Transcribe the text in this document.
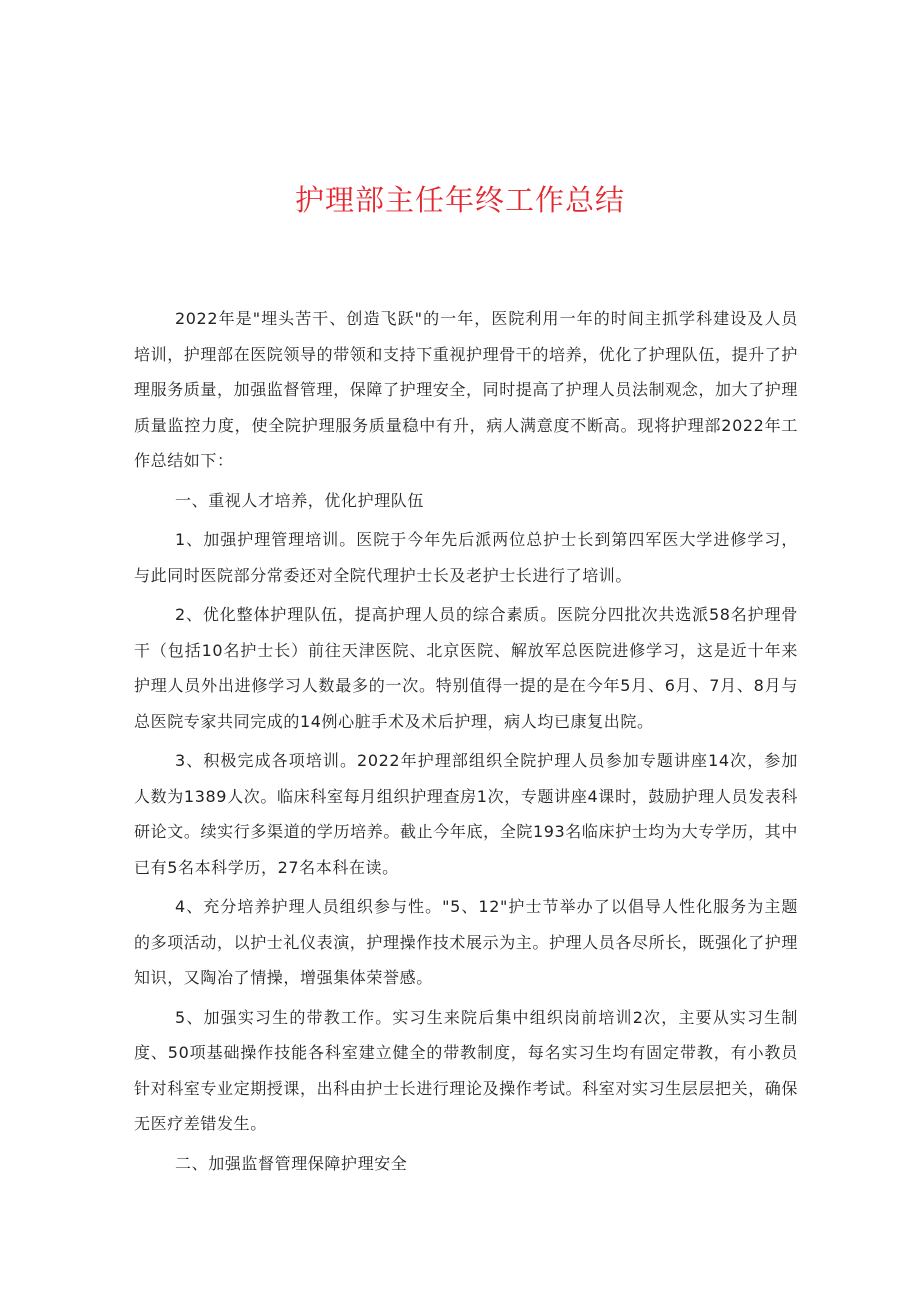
护理部主任年终工作总结

2022年是"埋头苦干、创造飞跃"的一年，医院利用一年的时间主抓学科建设及人员培训，护理部在医院领导的带领和支持下重视护理骨干的培养，优化了护理队伍，提升了护理服务质量，加强监督管理，保障了护理安全，同时提高了护理人员法制观念，加大了护理质量监控力度，使全院护理服务质量稳中有升，病人满意度不断高。现将护理部2022年工作总结如下：

一、重视人才培养，优化护理队伍

1、加强护理管理培训。医院于今年先后派两位总护士长到第四军医大学进修学习，与此同时医院部分常委还对全院代理护士长及老护士长进行了培训。

2、优化整体护理队伍，提高护理人员的综合素质。医院分四批次共选派58名护理骨干（包括10名护士长）前往天津医院、北京医院、解放军总医院进修学习，这是近十年来护理人员外出进修学习人数最多的一次。特别值得一提的是在今年5月、6月、7月、8月与总医院专家共同完成的14例心脏手术及术后护理，病人均已康复出院。

3、积极完成各项培训。2022年护理部组织全院护理人员参加专题讲座14次，参加人数为1389人次。临床科室每月组织护理查房1次，专题讲座4课时，鼓励护理人员发表科研论文。续实行多渠道的学历培养。截止今年底，全院193名临床护士均为大专学历，其中已有5名本科学历，27名本科在读。

4、充分培养护理人员组织参与性。"5、12"护士节举办了以倡导人性化服务为主题的多项活动，以护士礼仪表演，护理操作技术展示为主。护理人员各尽所长，既强化了护理知识，又陶冶了情操，增强集体荣誉感。

5、加强实习生的带教工作。实习生来院后集中组织岗前培训2次，主要从实习生制度、50项基础操作技能各科室建立健全的带教制度，每名实习生均有固定带教，有小教员针对科室专业定期授课，出科由护士长进行理论及操作考试。科室对实习生层层把关，确保无医疗差错发生。

二、加强监督管理保障护理安全
